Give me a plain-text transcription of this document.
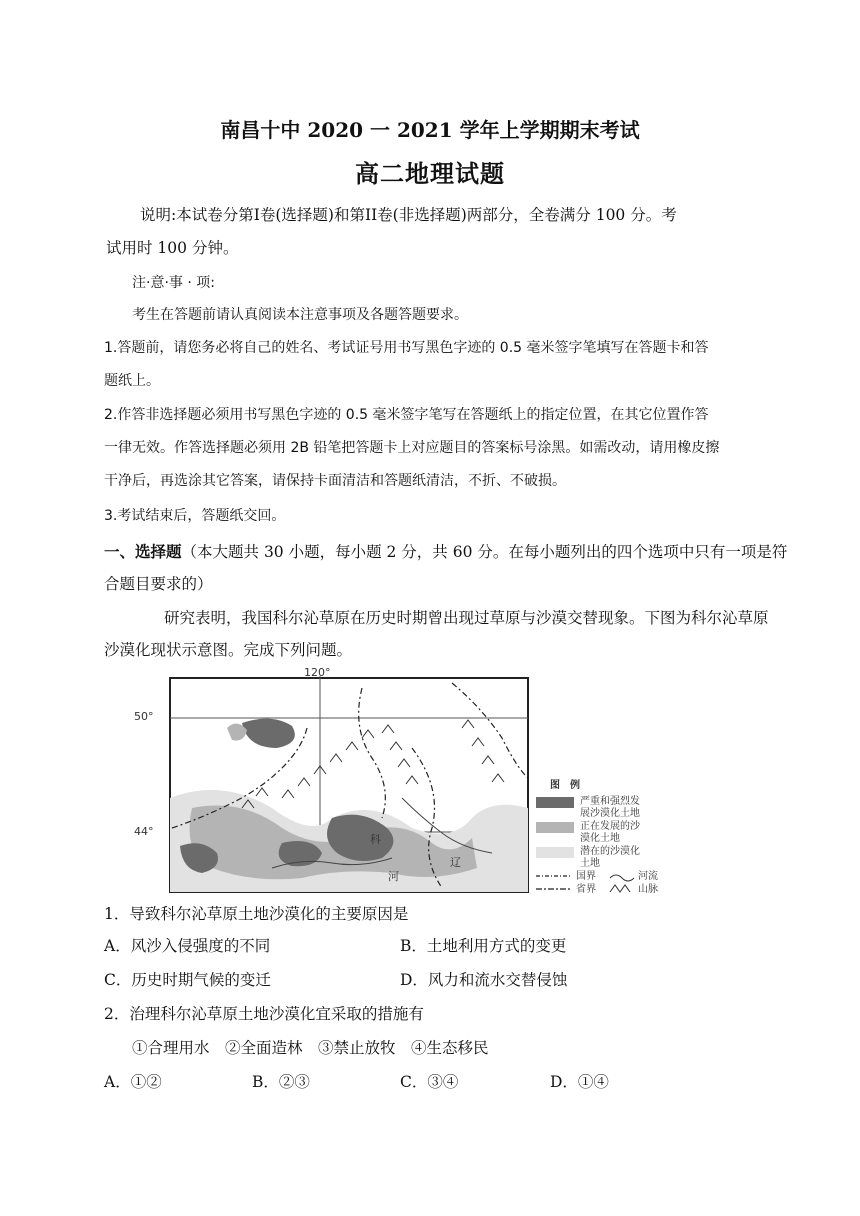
南昌十中 2020 一 2021 学年上学期期末考试
高二地理试题
说明:本试卷分第Ⅰ卷(选择题)和第ⅠⅠ卷(非选择题)两部分，全卷满分 100 分。考
试用时 100 分钟。
注·意·事 · 项:
考生在答题前请认真阅读本注意事项及各题答题要求。
1.答题前，请您务必将自己的姓名、考试证号用书写黑色字迹的 0.5 毫米签字笔填写在答题卡和答
题纸上。
2.作答非选择题必须用书写黑色字迹的 0.5 毫米签字笔写在答题纸上的指定位置，在其它位置作答
一律无效。作答选择题必须用 2B 铅笔把答题卡上对应题目的答案标号涂黑。如需改动，请用橡皮擦
干净后，再选涂其它答案，请保持卡面清洁和答题纸清洁，不折、不破损。
3.考试结束后，答题纸交回。
一、选择题（本大题共 30 小题，每小题 2 分，共 60 分。在每小题列出的四个选项中只有一项是符
合题目要求的）
研究表明，我国科尔沁草原在历史时期曾出现过草原与沙漠交替现象。下图为科尔沁草原
沙漠化现状示意图。完成下列问题。
120°
50°
44°
科
辽
河
图　例
严重和强烈发
展沙漠化土地
正在发展的沙
漠化土地
潜在的沙漠化
土地
国界	河流
省界	山脉
1．导致科尔沁草原土地沙漠化的主要原因是
A．风沙入侵强度的不同	B．土地利用方式的变更
C．历史时期气候的变迁	D．风力和流水交替侵蚀
2．治理科尔沁草原土地沙漠化宜采取的措施有
①合理用水　②全面造林　③禁止放牧　④生态移民
A．①②	B．②③	C．③④	D．①④
